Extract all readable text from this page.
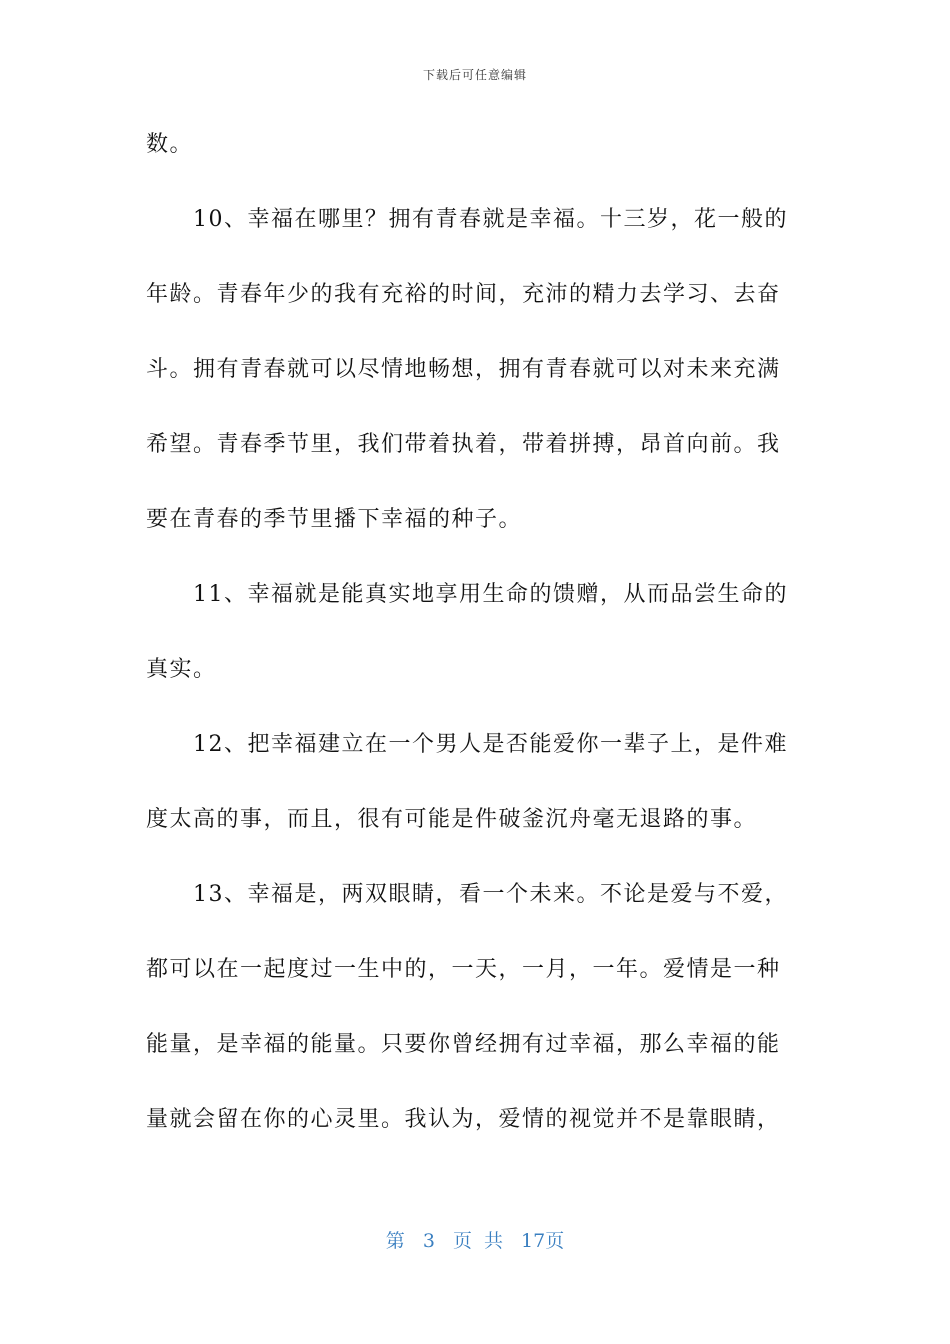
下载后可任意编辑
数。
　　10、幸福在哪里？拥有青春就是幸福。十三岁，花一般的
年龄。青春年少的我有充裕的时间，充沛的精力去学习、去奋
斗。拥有青春就可以尽情地畅想，拥有青春就可以对未来充满
希望。青春季节里，我们带着执着，带着拼搏，昂首向前。我
要在青春的季节里播下幸福的种子。
　　11、幸福就是能真实地享用生命的馈赠，从而品尝生命的
真实。
　　12、把幸福建立在一个男人是否能爱你一辈子上，是件难
度太高的事，而且，很有可能是件破釜沉舟毫无退路的事。
　　13、幸福是，两双眼睛，看一个未来。不论是爱与不爱，
都可以在一起度过一生中的，一天，一月，一年。爱情是一种
能量，是幸福的能量。只要你曾经拥有过幸福，那么幸福的能
量就会留在你的心灵里。我认为，爱情的视觉并不是靠眼睛，
第 3 页 共 17页
